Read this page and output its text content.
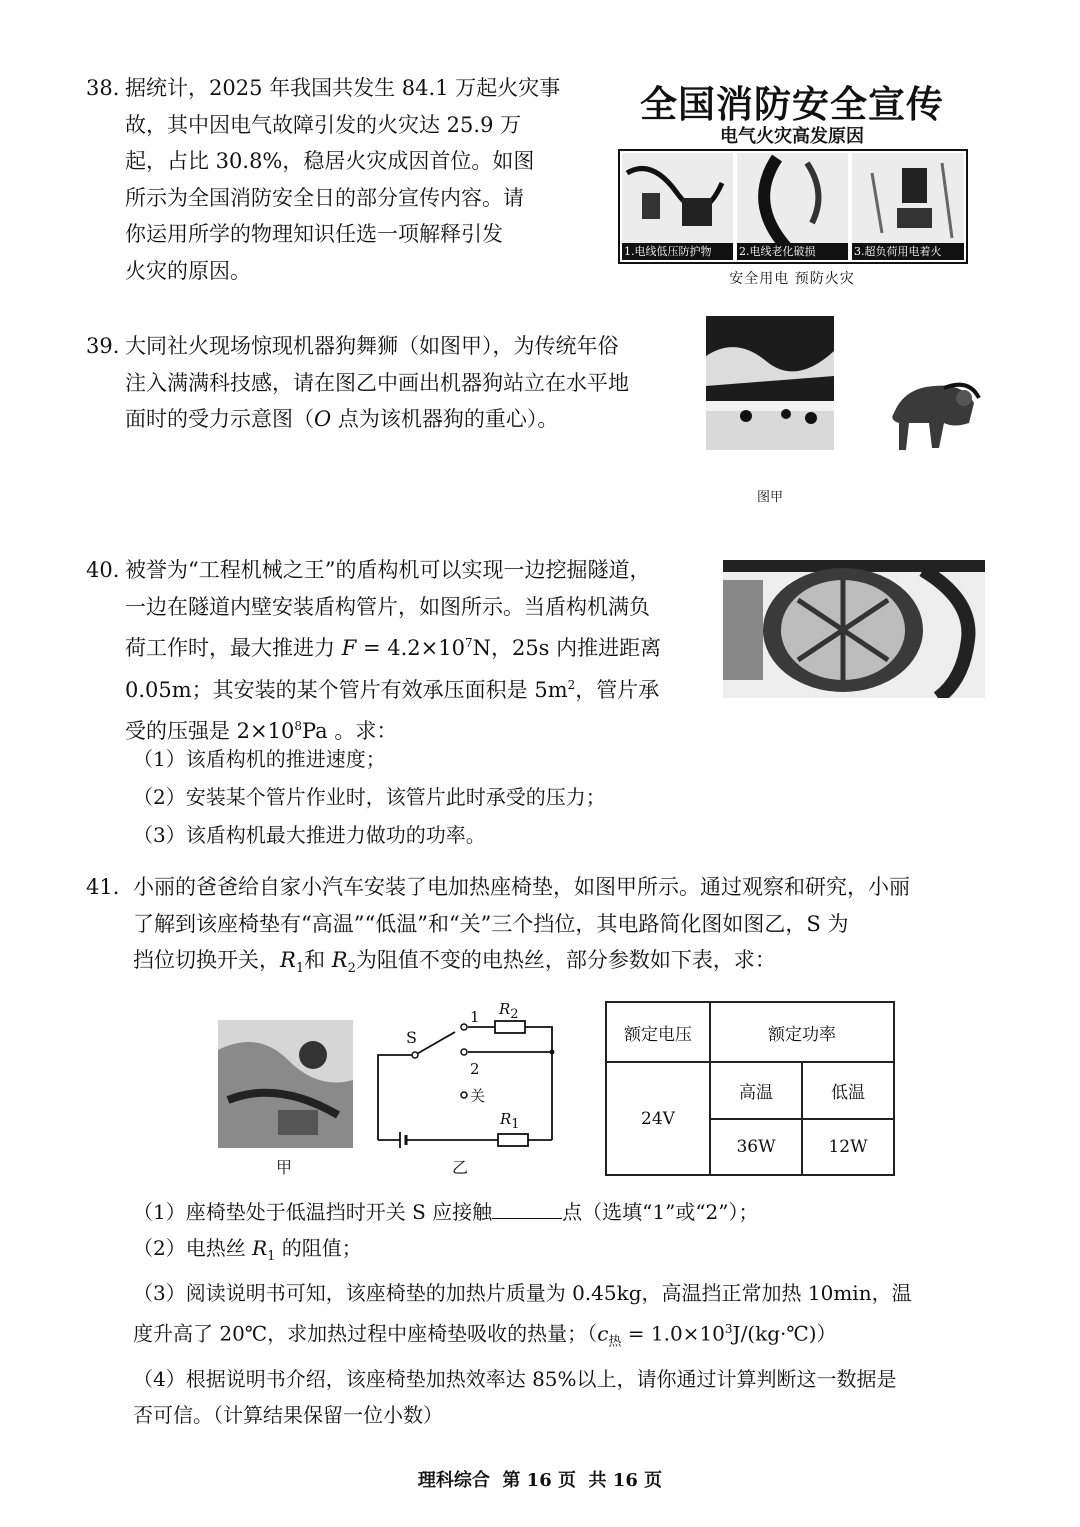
38. 据统计，2025 年我国共发生 84.1 万起火灾事
故，其中因电气故障引发的火灾达 25.9 万
起，占比 30.8%，稳居火灾成因首位。如图
所示为全国消防安全日的部分宣传内容。请
你运用所学的物理知识任选一项解释引发
火灾的原因。
全国消防安全宣传
电气火灾高发原因
1.电线低压防护物	2.电线老化破损	3.超负荷用电着火
安全用电 预防火灾
39. 大同社火现场惊现机器狗舞狮（如图甲），为传统年俗
注入满满科技感，请在图乙中画出机器狗站立在水平地
面时的受力示意图（O 点为该机器狗的重心）。
图甲
40. 被誉为“工程机械之王”的盾构机可以实现一边挖掘隧道，
一边在隧道内壁安装盾构管片，如图所示。当盾构机满负
荷工作时，最大推进力 $F = 4.2\times 10^7N$，25s 内推进距离
0.05m；其安装的某个管片有效承压面积是 $5m^2$，管片承
受的压强是 $2\times 10^8Pa$ 。求：
（1）该盾构机的推进速度；
（2）安装某个管片作业时，该管片此时承受的压力；
（3）该盾构机最大推进力做功的功率。
41. 小丽的爸爸给自家小汽车安装了电加热座椅垫，如图甲所示。通过观察和研究，小丽
了解到该座椅垫有“高温”“低温”和“关”三个挡位，其电路简化图如图乙，S 为
挡位切换开关，$R_1$和 $R_2$为阻值不变的电热丝，部分参数如下表，求：
甲
S
1
2
关
$R_2$
$R_1$
乙
额定电压	额定功率	
24V	高温	低温
	36W	12W
（1）座椅垫处于低温挡时开关 S 应接触	点（选填“1”或“2”）；
（2）电热丝 $R_1$ 的阻值；
（3）阅读说明书可知，该座椅垫的加热片质量为 0.45kg，高温挡正常加热 10min，温
度升高了 20℃，求加热过程中座椅垫吸收的热量；（$c_热$ = $1.0\times 10^3J/(kg\cdot℃)$）
（4）根据说明书介绍，该座椅垫加热效率达 85%以上，请你通过计算判断这一数据是
否可信。（计算结果保留一位小数）
理科综合  第 16 页  共 16 页
